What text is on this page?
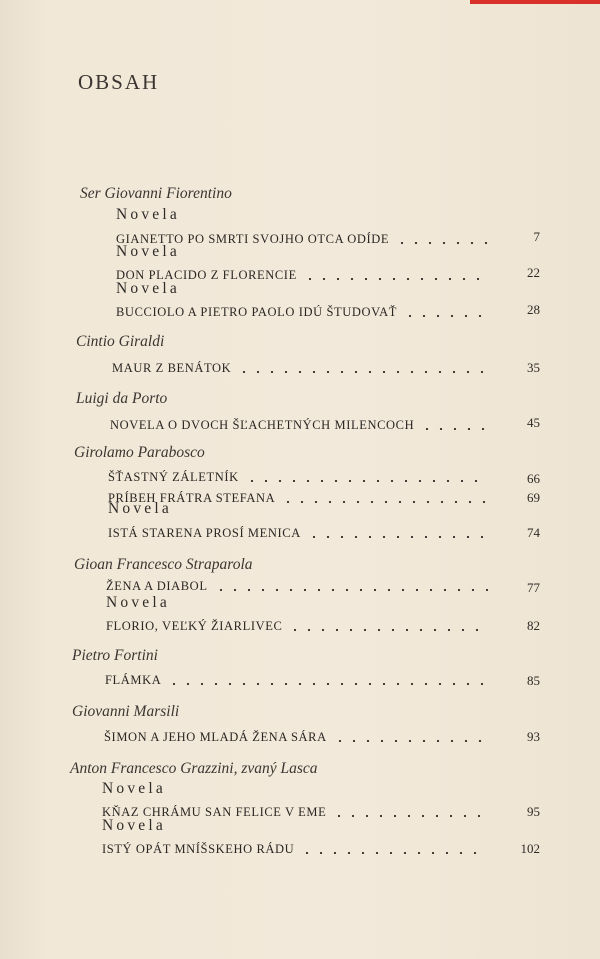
OBSAH
Ser Giovanni Fiorentino
Novela
GIANETTO PO SMRTI SVOJHO OTCA ODÍDE	7
Novela
DON PLACIDO Z FLORENCIE	22
Novela
BUCCIOLO A PIETRO PAOLO IDÚ ŠTUDOVAŤ	28
Cintio Giraldi
MAUR Z BENÁTOK	35
Luigi da Porto
NOVELA O DVOCH ŠĽACHETNÝCH MILENCOCH	45
Girolamo Parabosco
ŠŤASTNÝ ZÁLETNÍK	66
PRÍBEH FRÁTRA STEFANA	69
Novela
ISTÁ STARENA PROSÍ MENICA	74
Gioan Francesco Straparola
ŽENA A DIABOL	77
Novela
FLORIO, VEĽKÝ ŽIARLIVEC	82
Pietro Fortini
FLÁMKA	85
Giovanni Marsili
ŠIMON A JEHO MLADÁ ŽENA SÁRA	93
Anton Francesco Grazzini, zvaný Lasca
Novela
KŇAZ CHRÁMU SAN FELICE V EME	95
Novela
ISTÝ OPÁT MNÍŠSKEHO RÁDU	102
